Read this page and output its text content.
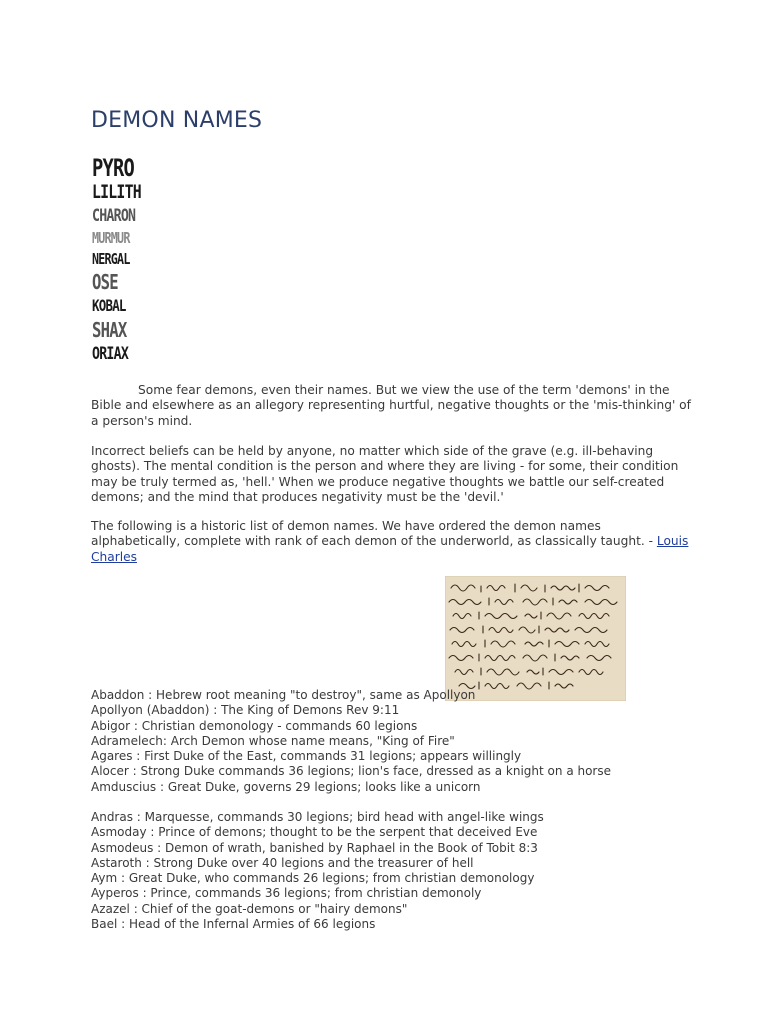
DEMON NAMES
PYRO
LILITH
CHARON
MURMUR
NERGAL
OSE
KOBAL
SHAX
ORIAX
Some fear demons, even their names. But we view the use of the term 'demons' in the Bible and elsewhere as an allegory representing hurtful, negative thoughts or the 'mis-thinking' of a person's mind.
Incorrect beliefs can be held by anyone, no matter which side of the grave (e.g. ill-behaving ghosts). The mental condition is the person and where they are living - for some, their condition may be truly termed as, 'hell.' When we produce negative thoughts we battle our self-created demons; and the mind that produces negativity must be the 'devil.'
The following is a historic list of demon names. We have ordered the demon names alphabetically, complete with rank of each demon of the underworld, as classically taught. - Louis Charles
Abaddon : Hebrew root meaning "to destroy", same as Apollyon
Apollyon (Abaddon) : The King of Demons Rev 9:11
Abigor : Christian demonology - commands 60 legions
Adramelech: Arch Demon whose name means, "King of Fire"
Agares : First Duke of the East, commands 31 legions; appears willingly
Alocer : Strong Duke commands 36 legions; lion's face, dressed as a knight on a horse
Amduscius : Great Duke, governs 29 legions; looks like a unicorn
Andras : Marquesse, commands 30 legions; bird head with angel-like wings
Asmoday : Prince of demons; thought to be the serpent that deceived Eve
Asmodeus : Demon of wrath, banished by Raphael in the Book of Tobit 8:3
Astaroth : Strong Duke over 40 legions and the treasurer of hell
Aym : Great Duke, who commands 26 legions; from christian demonology
Ayperos : Prince, commands 36 legions; from christian demonoly
Azazel : Chief of the goat-demons or "hairy demons"
Bael : Head of the Infernal Armies of 66 legions
